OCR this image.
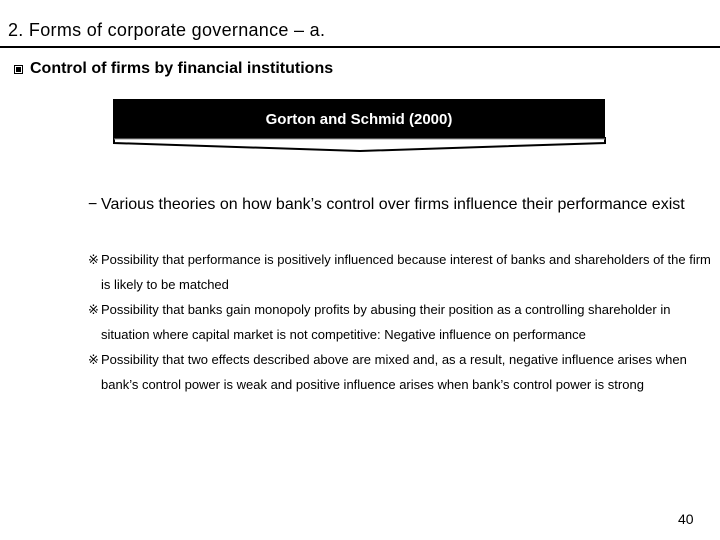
2. Forms of corporate governance – a.
Control of firms by financial institutions
Gorton and Schmid (2000)
− Various theories on how bank’s control over firms influence their performance exist
※ Possibility that performance is positively influenced because interest of banks and shareholders of the firm is likely to be matched
※ Possibility that banks gain monopoly profits by abusing their position as a controlling shareholder in situation where capital market is not competitive: Negative influence on performance
※ Possibility that two effects described above are mixed and, as a result, negative influence arises when bank’s control power is weak and positive influence arises when bank’s control power is strong
40
